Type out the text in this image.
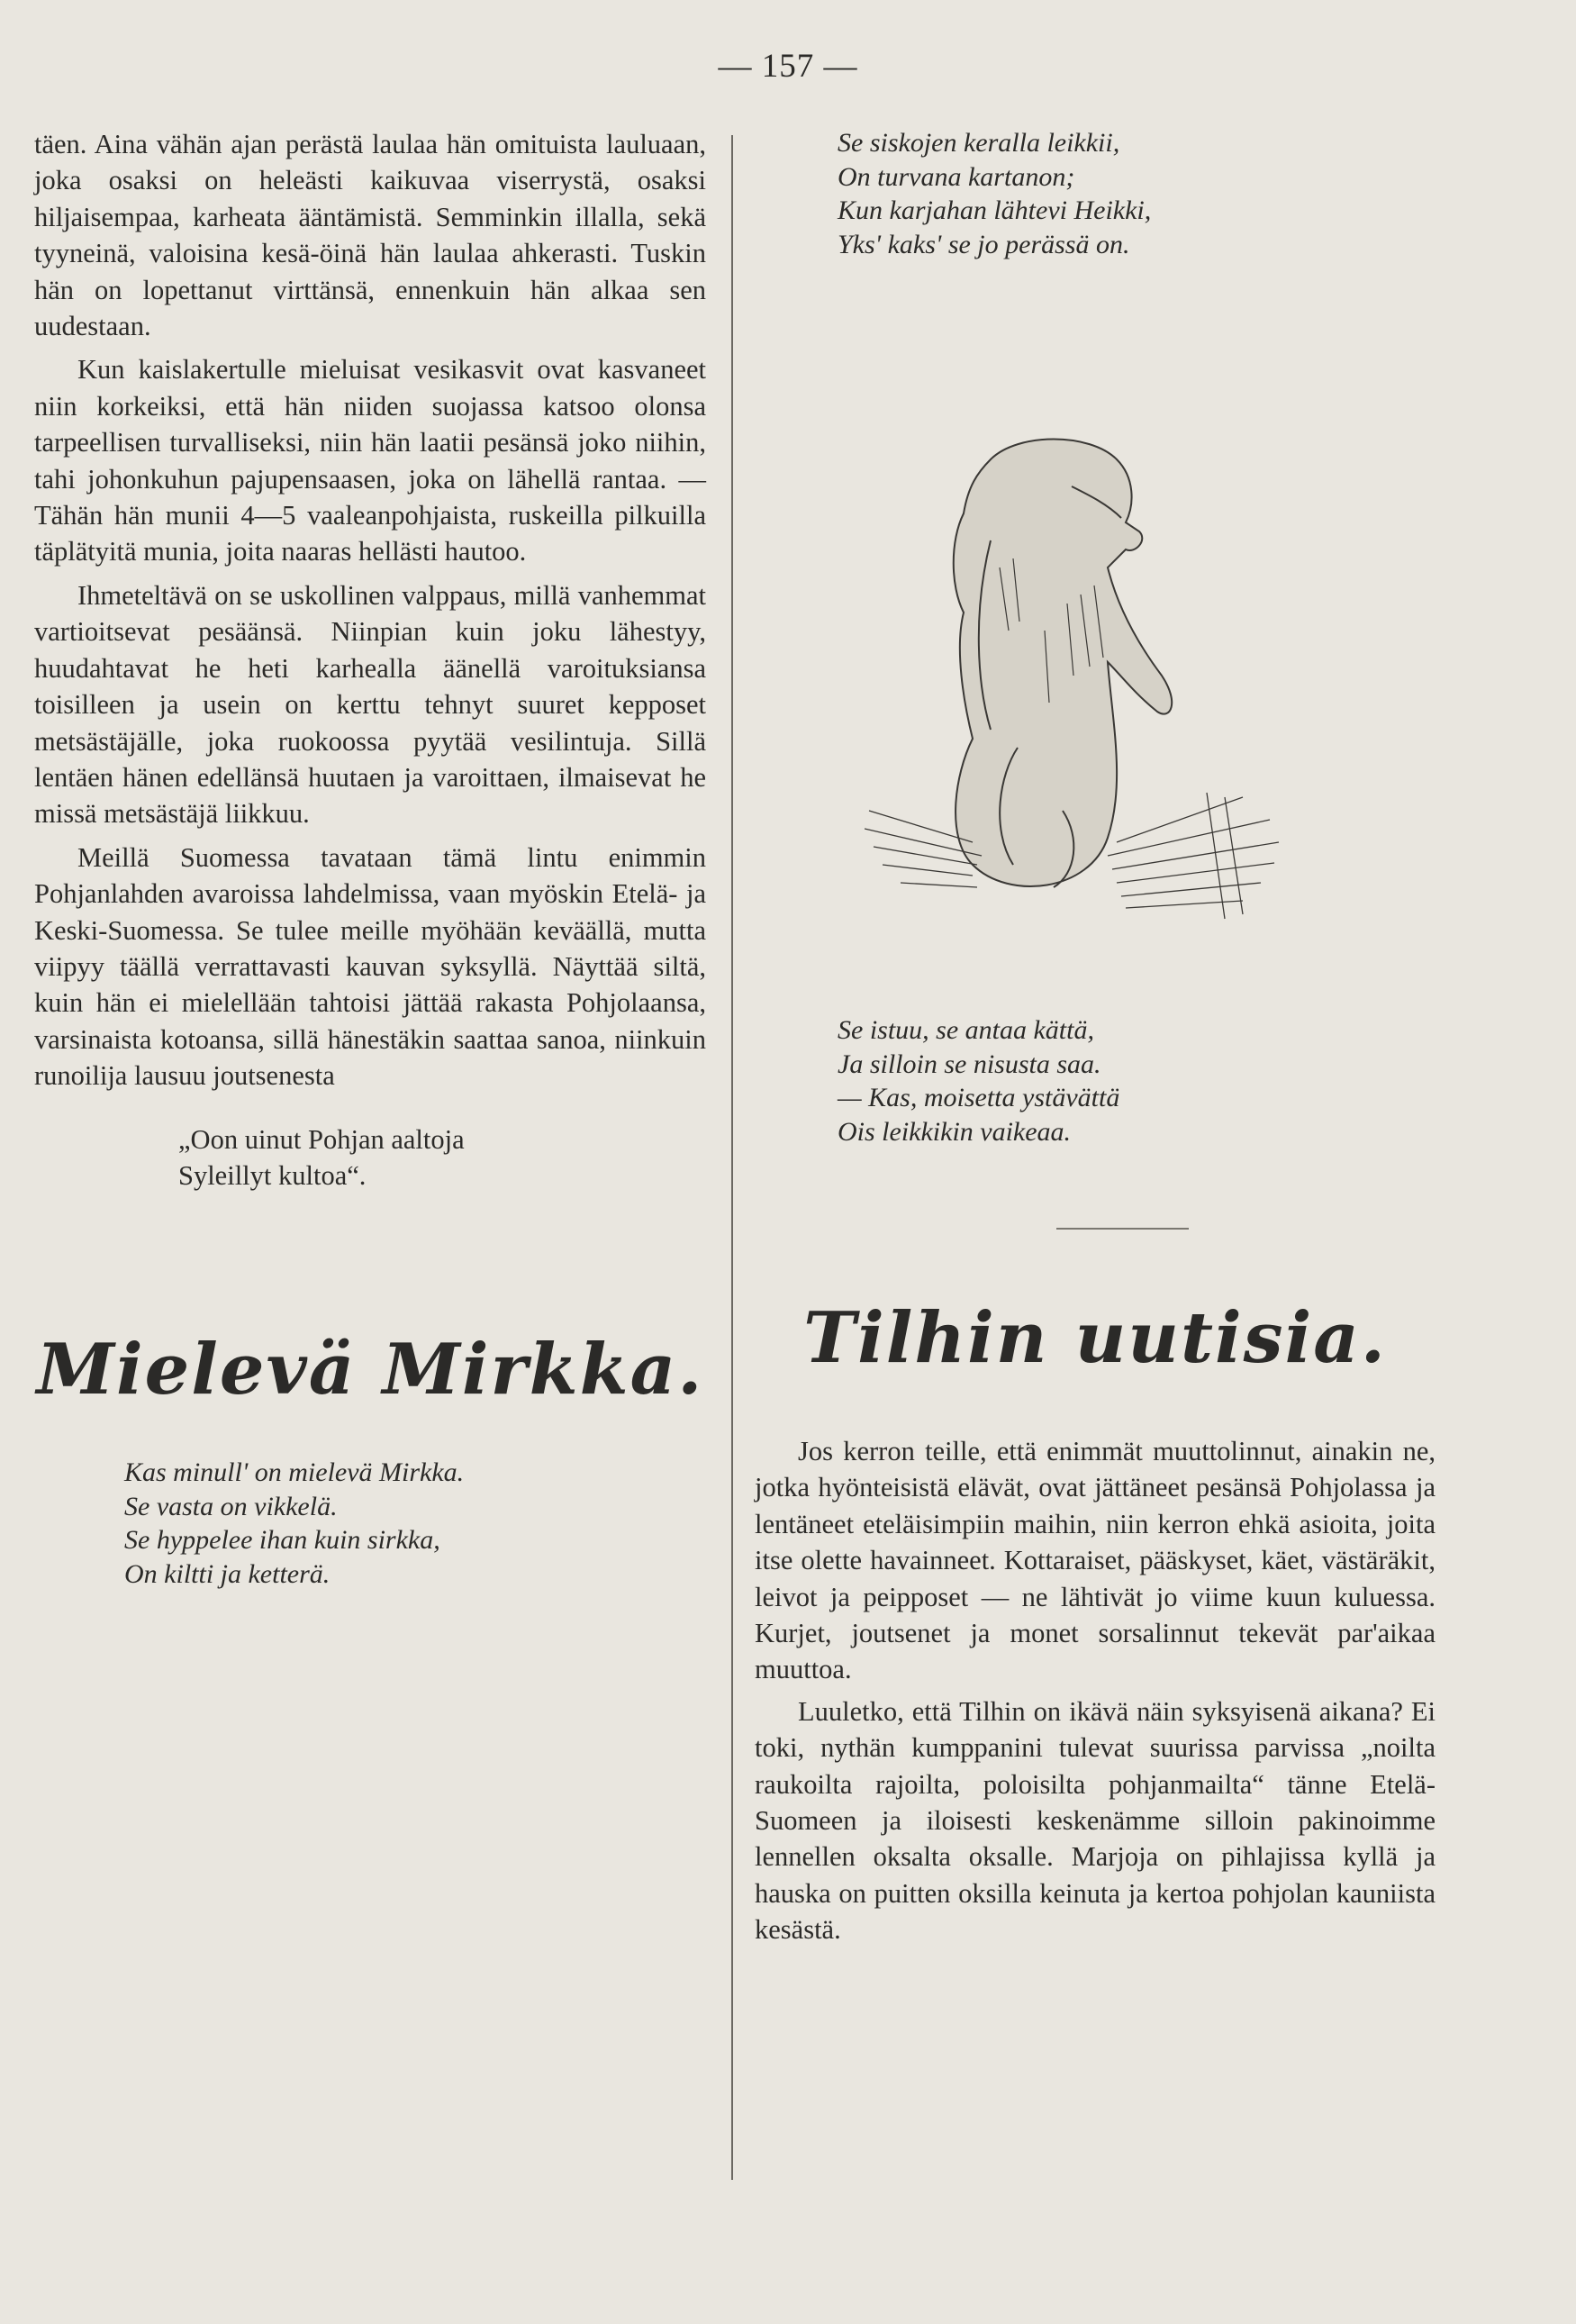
— 157 —

täen. Aina vähän ajan perästä laulaa hän omituista lauluaan, joka osaksi on heleästi kaikuvaa viserrystä, osaksi hiljaisempaa, karheata ääntämistä. Semminkin illalla, sekä tyyneinä, valoisina kesä-öinä hän laulaa ahkerasti. Tuskin hän on lopettanut virttänsä, ennenkuin hän alkaa sen uudestaan.

Kun kaislakertulle mieluisat vesikasvit ovat kasvaneet niin korkeiksi, että hän niiden suojassa katsoo olonsa tarpeellisen turvalliseksi, niin hän laatii pesänsä joko niihin, tahi johonkuhun pajupensaasen, joka on lähellä rantaa. — Tähän hän munii 4—5 vaaleanpohjaista, ruskeilla pilkuilla täplätyitä munia, joita naaras hellästi hautoo.

Ihmeteltävä on se uskollinen valppaus, millä vanhemmat vartioitsevat pesäänsä. Niinpian kuin joku lähestyy, huudahtavat he heti karhealla äänellä varoituksiansa toisilleen ja usein on kerttu tehnyt suuret kepposet metsästäjälle, joka ruokoossa pyytää vesilintuja. Sillä lentäen hänen edellänsä huutaen ja varoittaen, ilmaisevat he missä metsästäjä liikkuu.

Meillä Suomessa tavataan tämä lintu enimmin Pohjanlahden avaroissa lahdelmissa, vaan myöskin Etelä- ja Keski-Suomessa. Se tulee meille myöhään keväällä, mutta viipyy täällä verrattavasti kauvan syksyllä. Näyttää siltä, kuin hän ei mielellään tahtoisi jättää rakasta Pohjolaansa, varsinaista kotoansa, sillä hänestäkin saattaa sanoa, niinkuin runoilija lausuu joutsenesta

„Oon uinut Pohjan aaltoja
Syleillyt kultoa“.
Mielevä Mirkka.
Kas minull' on mielevä Mirkka.
Se vasta on vikkelä.
Se hyppelee ihan kuin sirkka,
On kiltti ja ketterä.
Se siskojen keralla leikkii,
On turvana kartanon;
Kun karjahan lähtevi Heikki,
Yks' kaks' se jo perässä on.
Se istuu, se antaa kättä,
Ja silloin se nisusta saa.
— Kas, moisetta ystävättä
Ois leikkikin vaikeaa.
Tilhin uutisia.

Jos kerron teille, että enimmät muuttolinnut, ainakin ne, jotka hyönteisistä elävät, ovat jättäneet pesänsä Pohjolassa ja lentäneet eteläisimpiin maihin, niin kerron ehkä asioita, joita itse olette havainneet. Kottaraiset, pääskyset, käet, västäräkit, leivot ja peipposet — ne lähtivät jo viime kuun kuluessa. Kurjet, joutsenet ja monet sorsalinnut tekevät par'aikaa muuttoa.

Luuletko, että Tilhin on ikävä näin syksyisenä aikana? Ei toki, nythän kumppanini tulevat suurissa parvissa „noilta raukoilta rajoilta, poloisilta pohjanmailta“ tänne Etelä-Suomeen ja iloisesti keskenämme silloin pakinoimme lennellen oksalta oksalle. Marjoja on pihlajissa kyllä ja hauska on puitten oksilla keinuta ja kertoa pohjolan kauniista kesästä.
